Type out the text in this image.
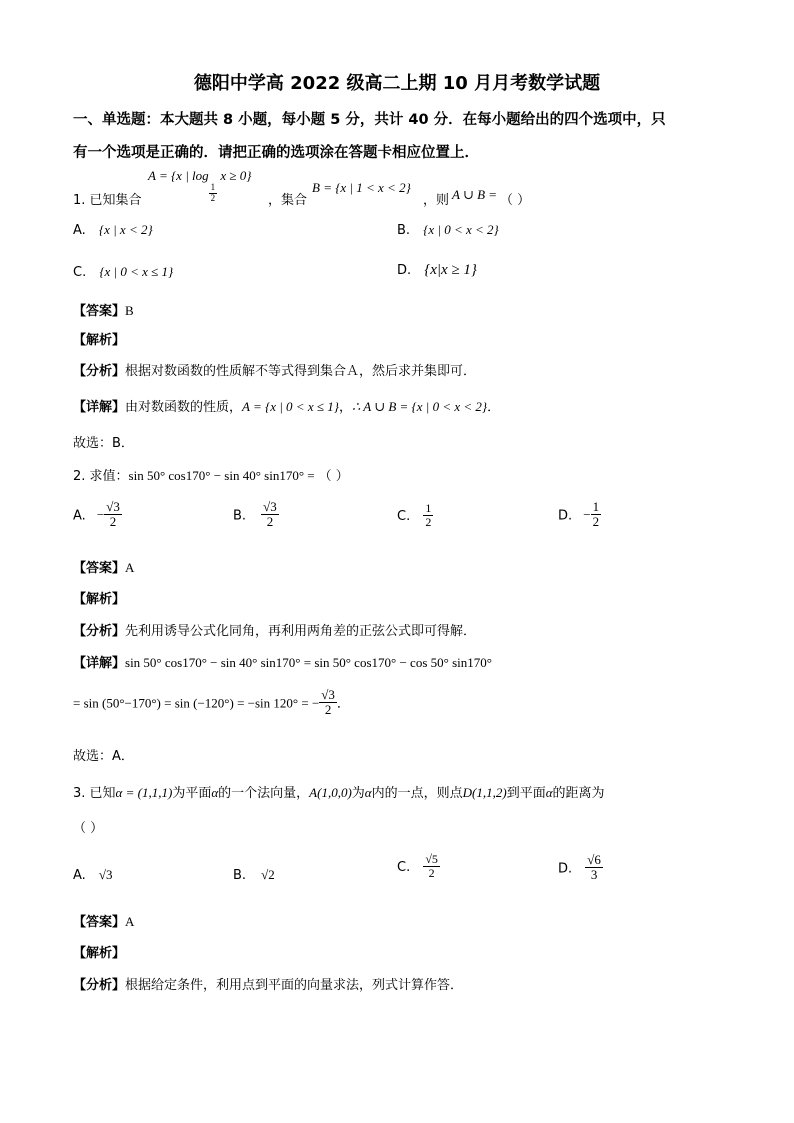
德阳中学高 2022 级高二上期 10 月月考数学试题
一、单选题：本大题共 8 小题，每小题 5 分，共计 40 分．在每小题给出的四个选项中，只
有一个选项是正确的．请把正确的选项涂在答题卡相应位置上．
1. 已知集合
A = {x | log
$\frac{1}{2}$
x ≥ 0}
，集合
B = {x | 1 < x < 2}
，则 A ∪ B = （ ）
A. {x | x < 2}	B. {x | 0 < x < 2}
C. {x | 0 < x ≤ 1}	D. {x|x ≥ 1}
【答案】B
【解析】
【分析】根据对数函数的性质解不等式得到集合Ａ，然后求并集即可．
【详解】由对数函数的性质，A = {x | 0 < x ≤ 1}，∴ A ∪ B = {x | 0 < x < 2}．
故选：B．
2. 求值：sin 50° cos170° − sin 40° sin170° = （ ）
A. − $\frac{√3}{2}$	B. $\frac{√3}{2}$	C. $\frac{1}{2}$	D. − $\frac{1}{2}$
【答案】A
【解析】
【分析】先利用诱导公式化同角，再利用两角差的正弦公式即可得解．
【详解】sin 50° cos170° − sin 40° sin170° = sin 50° cos170° − cos 50° sin170°
= sin (50°−170°) = sin (−120°) = −sin 120° = − $\frac{√3}{2}$ ．
故选：A．
3. 已知α = (1,1,1)为平面α的一个法向量，A(1,0,0)为α内的一点，则点D(1,1,2)到平面α的距离为
（ ）
A. √3	B. √2	C. $\frac{√5}{2}$	D. $\frac{√6}{3}$
【答案】A
【解析】
【分析】根据给定条件，利用点到平面的向量求法，列式计算作答．
